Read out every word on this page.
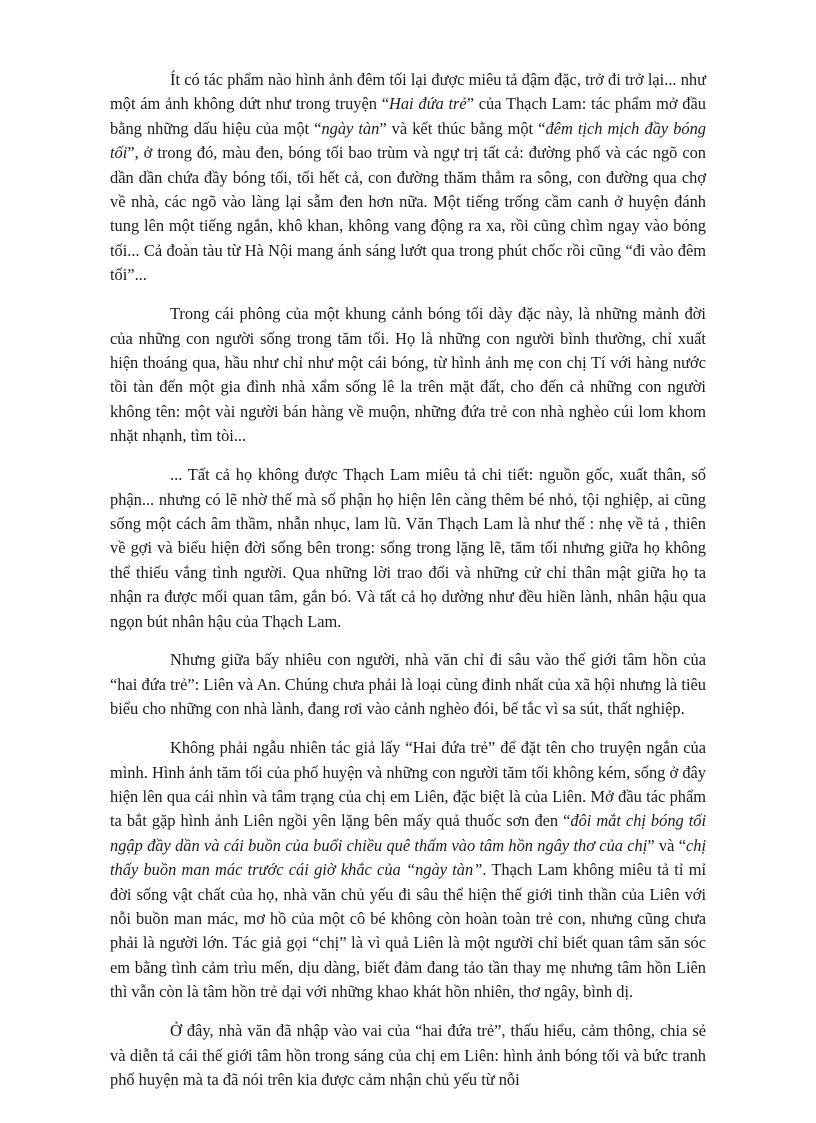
Ít có tác phẩm nào hình ảnh đêm tối lại được miêu tả đậm đặc, trở đi trở lại... như một ám ảnh không dứt như trong truyện “Hai đứa trẻ” của Thạch Lam: tác phẩm mở đầu bằng những dấu hiệu của một “ngày tàn” và kết thúc bằng một “đêm tịch mịch đầy bóng tối”, ở trong đó, màu đen, bóng tối bao trùm và ngự trị tất cả: đường phố và các ngõ con dần dần chứa đầy bóng tối, tối hết cả, con đường thăm thẳm ra sông, con đường qua chợ về nhà, các ngõ vào làng lại sẫm đen hơn nữa. Một tiếng trống cầm canh ở huyện đánh tung lên một tiếng ngắn, khô khan, không vang động ra xa, rồi cũng chìm ngay vào bóng tối... Cả đoàn tàu từ Hà Nội mang ánh sáng lướt qua trong phút chốc rồi cũng “đi vào đêm tối”...

Trong cái phông của một khung cảnh bóng tối dày đặc này, là những mảnh đời của những con người sống trong tăm tối. Họ là những con người bình thường, chỉ xuất hiện thoáng qua, hầu như chỉ như một cái bóng, từ hình ảnh mẹ con chị Tí với hàng nước tồi tàn đến một gia đình nhà xẩm sống lê la trên mặt đất, cho đến cả những con người không tên: một vài người bán hàng về muộn, những đứa trẻ con nhà nghèo cúi lom khom nhặt nhạnh, tìm tòi...

... Tất cả họ không được Thạch Lam miêu tả chi tiết: nguồn gốc, xuất thân, số phận... nhưng có lẽ nhờ thế mà số phận họ hiện lên càng thêm bé nhỏ, tội nghiệp, ai cũng sống một cách âm thầm, nhẫn nhục, lam lũ. Văn Thạch Lam là như thế : nhẹ về tả , thiên về gợi và biểu hiện đời sống bên trong: sống trong lặng lẽ, tăm tối nhưng giữa họ không thể thiếu vắng tình người. Qua những lời trao đổi và những cử chỉ thân mật giữa họ ta nhận ra được mối quan tâm, gắn bó. Và tất cả họ dường như đều hiền lành, nhân hậu qua ngọn bút nhân hậu của Thạch Lam.

Nhưng giữa bấy nhiêu con người, nhà văn chỉ đi sâu vào thế giới tâm hồn của “hai đứa trẻ”: Liên và An. Chúng chưa phải là loại cùng đinh nhất của xã hội nhưng là tiêu biểu cho những con nhà lành, đang rơi vào cảnh nghèo đói, bế tắc vì sa sút, thất nghiệp.

Không phải ngẫu nhiên tác giả lấy “Hai đứa trẻ” để đặt tên cho truyện ngắn của mình. Hình ảnh tăm tối của phố huyện và những con người tăm tối không kém, sống ở đây hiện lên qua cái nhìn và tâm trạng của chị em Liên, đặc biệt là của Liên. Mở đầu tác phẩm ta bắt gặp hình ảnh Liên ngồi yên lặng bên mấy quả thuốc sơn đen “đôi mắt chị bóng tối ngập đầy dần và cái buồn của buổi chiều quê thấm vào tâm hồn ngây thơ của chị” và “chị thấy buồn man mác trước cái giờ khắc của “ngày tàn”. Thạch Lam không miêu tả tỉ mỉ đời sống vật chất của họ, nhà văn chủ yếu đi sâu thể hiện thế giới tinh thần của Liên với nỗi buồn man mác, mơ hồ của một cô bé không còn hoàn toàn trẻ con, nhưng cũng chưa phải là người lớn. Tác giả gọi “chị” là vì quả Liên là một người chỉ biết quan tâm săn sóc em bằng tình cảm trìu mến, dịu dàng, biết đảm đang tảo tần thay mẹ nhưng tâm hồn Liên thì vẫn còn là tâm hồn trẻ dại với những khao khát hồn nhiên, thơ ngây, bình dị.

Ở đây, nhà văn đã nhập vào vai của “hai đứa trẻ”, thấu hiểu, cảm thông, chia sẻ và diễn tả cái thế giới tâm hồn trong sáng của chị em Liên: hình ảnh bóng tối và bức tranh phố huyện mà ta đã nói trên kia được cảm nhận chủ yếu từ nỗi
